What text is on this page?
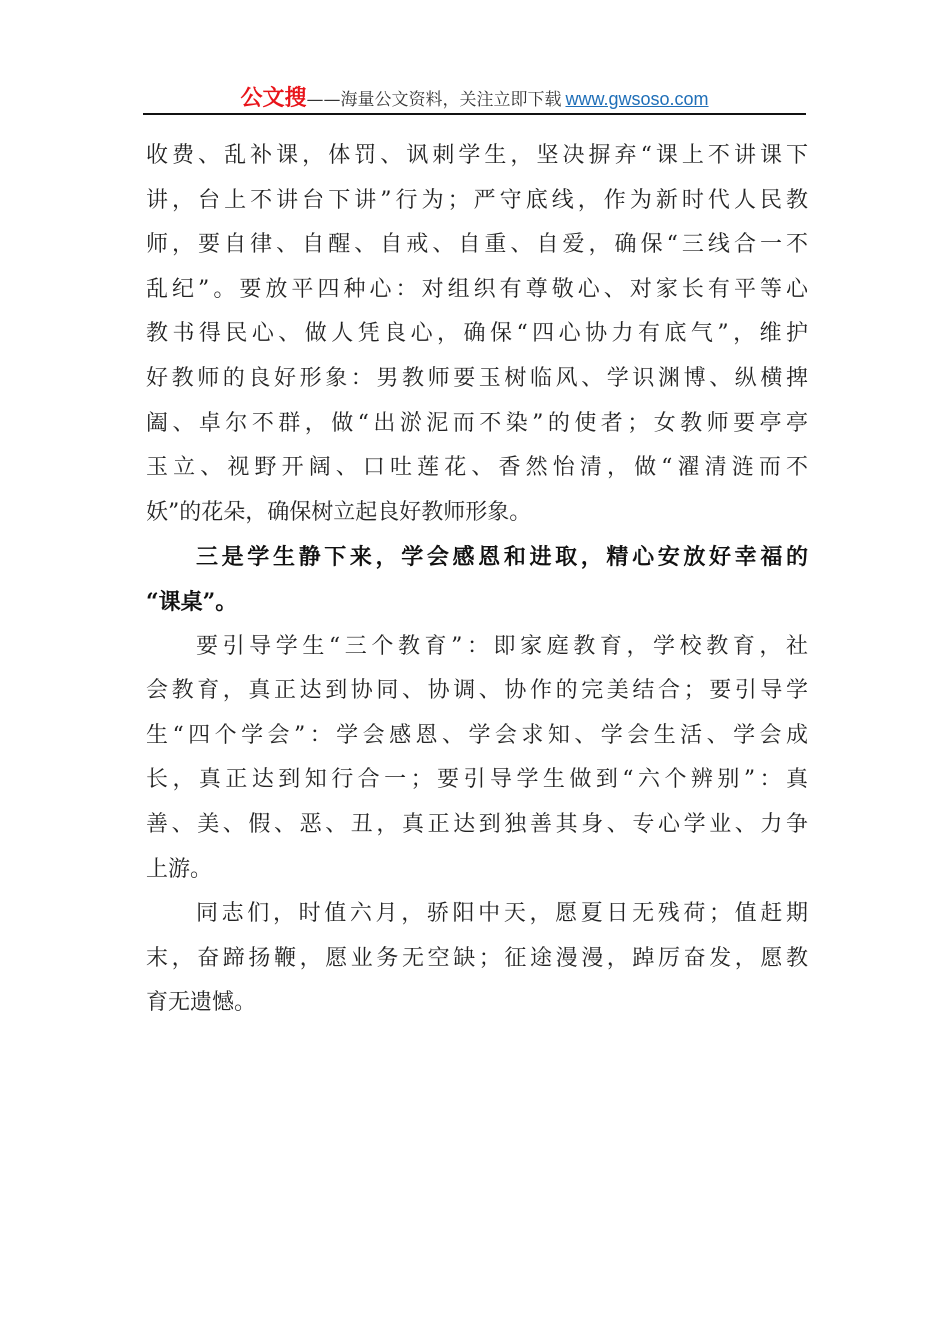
公文搜——海量公文资料，关注立即下载 www.gwsoso.com
收费、乱补课，体罚、讽刺学生，坚决摒弃“课上不讲课下
讲，台上不讲台下讲”行为；严守底线，作为新时代人民教
师，要自律、自醒、自戒、自重、自爱，确保“三线合一不
乱纪”。要放平四种心：对组织有尊敬心、对家长有平等心
教书得民心、做人凭良心，确保“四心协力有底气”，维护
好教师的良好形象：男教师要玉树临风、学识渊博、纵横捭
阖、卓尔不群，做“出淤泥而不染”的使者；女教师要亭亭
玉立、视野开阔、口吐莲花、香然怡清，做“濯清涟而不
妖”的花朵，确保树立起良好教师形象。
三是学生静下来，学会感恩和进取，精心安放好幸福的
“课桌”。
要引导学生“三个教育”：即家庭教育，学校教育，社
会教育，真正达到协同、协调、协作的完美结合；要引导学
生“四个学会”：学会感恩、学会求知、学会生活、学会成
长，真正达到知行合一；要引导学生做到“六个辨别”：真
善、美、假、恶、丑，真正达到独善其身、专心学业、力争
上游。
同志们，时值六月，骄阳中天，愿夏日无残荷；值赶期
末，奋蹄扬鞭，愿业务无空缺；征途漫漫，踔厉奋发，愿教
育无遗憾。
